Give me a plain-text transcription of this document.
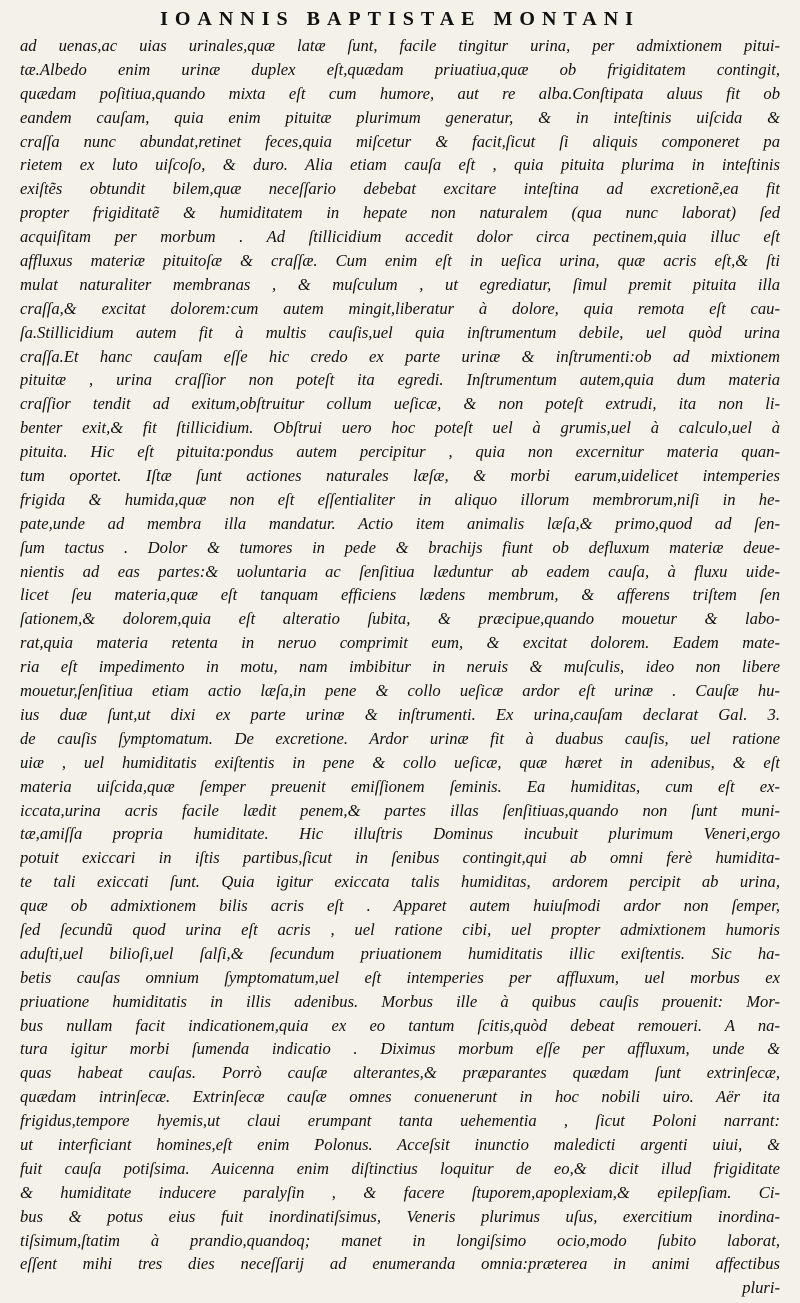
IOANNIS BAPTISTAE MONTANI
ad uenas,ac uias urinales,quæ latæ ſunt, facile tingitur urina, per admixtionem pitui-
tæ.Albedo enim urinæ duplex eſt,quædam priuatiua,quæ ob frigiditatem contingit,
quædam poſitiua,quando mixta eſt cum humore, aut re alba.Conſtipata aluus fit ob
eandem cauſam, quia enim pituitæ plurimum generatur, & in inteſtinis uiſcida &
craſſa nunc abundat,retinet feces,quia miſcetur & facit,ſicut ſi aliquis componeret pa
rietem ex luto uiſcoſo, & duro. Alia etiam cauſa eſt , quia pituita plurima in inteſtinis
exiſtẽs obtundit bilem,quæ neceſſario debebat excitare inteſtina ad excretionẽ,ea fit
propter frigiditatẽ & humiditatem in hepate non naturalem (qua nunc laborat) ſed
acquiſitam per morbum . Ad ſtillicidium accedit dolor circa pectinem,quia illuc eſt
affluxus materiæ pituitoſæ & craſſæ. Cum enim eſt in ueſica urina, quæ acris eſt,& ſti
mulat naturaliter membranas , & muſculum , ut egrediatur, ſimul premit pituita illa
craſſa,& excitat dolorem:cum autem mingit,liberatur à dolore, quia remota eſt cau-
ſa.Stillicidium autem fit à multis cauſis,uel quia inſtrumentum debile, uel quòd urina
craſſa.Et hanc cauſam eſſe hic credo ex parte urinæ & inſtrumenti:ob ad mixtionem
pituitæ , urina craſſior non poteſt ita egredi. Inſtrumentum autem,quia dum materia
craſſior tendit ad exitum,obſtruitur collum ueſicæ, & non poteſt extrudi, ita non li-
benter exit,& fit ſtillicidium. Obſtrui uero hoc poteſt uel à grumis,uel à calculo,uel à
pituita. Hic eſt pituita:pondus autem percipitur , quia non excernitur materia quan-
tum oportet. Iſtæ ſunt actiones naturales læſæ, & morbi earum,uidelicet intemperies
frigida & humida,quæ non eſt eſſentialiter in aliquo illorum membrorum,niſi in he-
pate,unde ad membra illa mandatur. Actio item animalis læſa,& primo,quod ad ſen-
ſum tactus . Dolor & tumores in pede & brachijs fiunt ob defluxum materiæ deue-
nientis ad eas partes:& uoluntaria ac ſenſitiua læduntur ab eadem cauſa, à fluxu uide-
licet ſeu materia,quæ eſt tanquam efficiens lædens membrum, & afferens triſtem ſen
ſationem,& dolorem,quia eſt alteratio ſubita, & præcipue,quando mouetur & labo-
rat,quia materia retenta in neruo comprimit eum, & excitat dolorem. Eadem mate-
ria eſt impedimento in motu, nam imbibitur in neruis & muſculis, ideo non libere
mouetur,ſenſitiua etiam actio læſa,in pene & collo ueſicæ ardor eſt urinæ . Cauſæ hu-
ius duæ ſunt,ut dixi ex parte urinæ & inſtrumenti. Ex urina,cauſam declarat Gal. 3.
de cauſis ſymptomatum. De excretione. Ardor urinæ fit à duabus cauſis, uel ratione
uiæ , uel humiditatis exiſtentis in pene & collo ueſicæ, quæ hæret in adenibus, & eſt
materia uiſcida,quæ ſemper preuenit emiſſionem ſeminis. Ea humiditas, cum eſt ex-
iccata,urina acris facile lædit penem,& partes illas ſenſitiuas,quando non ſunt muni-
tæ,amiſſa propria humiditate. Hic illuſtris Dominus incubuit plurimum Veneri,ergo
potuit exiccari in iſtis partibus,ſicut in ſenibus contingit,qui ab omni ferè humidita-
te tali exiccati ſunt. Quia igitur exiccata talis humiditas, ardorem percipit ab urina,
quæ ob admixtionem bilis acris eſt . Apparet autem huiuſmodi ardor non ſemper,
ſed ſecundũ quod urina eſt acris , uel ratione cibi, uel propter admixtionem humoris
aduſti,uel bilioſi,uel ſalſi,& ſecundum priuationem humiditatis illic exiſtentis. Sic ha-
betis cauſas omnium ſymptomatum,uel eſt intemperies per affluxum, uel morbus ex
priuatione humiditatis in illis adenibus. Morbus ille à quibus cauſis prouenit: Mor-
bus nullam facit indicationem,quia ex eo tantum ſcitis,quòd debeat remoueri. A na-
tura igitur morbi ſumenda indicatio . Diximus morbum eſſe per affluxum, unde &
quas habeat cauſas. Porrò cauſæ alterantes,& præparantes quædam ſunt extrinſecæ,
quædam intrinſecæ. Extrinſecæ cauſæ omnes conuenerunt in hoc nobili uiro. Aër ita
frigidus,tempore hyemis,ut claui erumpant tanta uehementia , ſicut Poloni narrant:
ut interficiant homines,eſt enim Polonus. Acceſsit inunctio maledicti argenti uiui, &
fuit cauſa potiſsima. Auicenna enim diſtinctius loquitur de eo,& dicit illud frigiditate
& humiditate inducere paralyſin , & facere ſtuporem,apoplexiam,& epilepſiam. Ci-
bus & potus eius fuit inordinatiſsimus, Veneris plurimus uſus, exercitium inordina-
tiſsimum,ſtatim à prandio,quandoq; manet in longiſsimo ocio,modo ſubito laborat,
eſſent mihi tres dies neceſſarij ad enumeranda omnia:præterea in animi affectibus
pluri-
